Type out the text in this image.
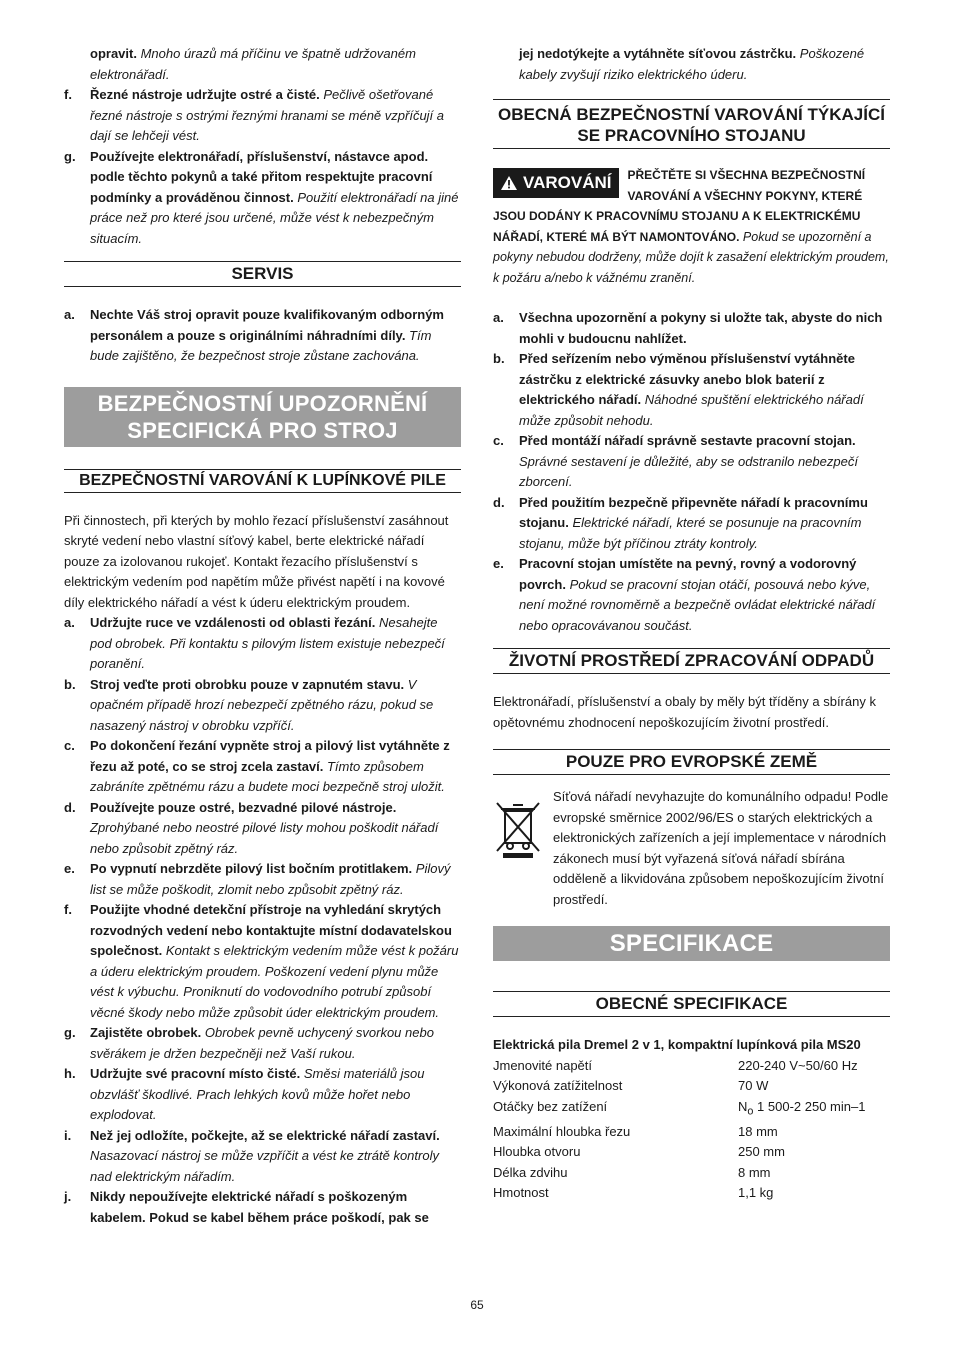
opravit. Mnoho úrazů má příčinu ve špatně udržovaném elektronářadí.
f.	Řezné nástroje udržujte ostré a čisté. Pečlivě ošetřované řezné nástroje s ostrými řeznými hranami se méně vzpříčují a dají se lehčeji vést.
g.	Používejte elektronářadí, příslušenství, nástavce apod. podle těchto pokynů a také přitom respektujte pracovní podmínky a prováděnou činnost. Použití elektronářadí na jiné práce než pro které jsou určené, může vést k nebezpečným situacím.
SERVIS
a.	Nechte Váš stroj opravit pouze kvalifikovaným odborným personálem a pouze s originálními náhradními díly. Tím bude zajištěno, že bezpečnost stroje zůstane zachována.
BEZPEČNOSTNÍ UPOZORNĚNÍ
SPECIFICKÁ PRO STROJ
BEZPEČNOSTNÍ VAROVÁNÍ K LUPÍNKOVÉ PILE
Při činnostech, při kterých by mohlo řezací příslušenství zasáhnout skryté vedení nebo vlastní síťový kabel, berte elektrické nářadí pouze za izolovanou rukojeť. Kontakt řezacího příslušenství s elektrickým vedením pod napětím může přivést napětí i na kovové díly elektrického nářadí a vést k úderu elektrickým proudem.
a.	Udržujte ruce ve vzdálenosti od oblasti řezání. Nesahejte pod obrobek. Při kontaktu s pilovým listem existuje nebezpečí poranění.
b.	Stroj veďte proti obrobku pouze v zapnutém stavu. V opačném případě hrozí nebezpečí zpětného rázu, pokud se nasazený nástroj v obrobku vzpříčí.
c.	Po dokončení řezání vypněte stroj a pilový list vytáhněte z řezu až poté, co se stroj zcela zastaví. Tímto způsobem zabráníte zpětnému rázu a budete moci bezpečně stroj uložit.
d.	Používejte pouze ostré, bezvadné pilové nástroje. Zprohýbané nebo neostré pilové listy mohou poškodit nářadí nebo způsobit zpětný ráz.
e.	Po vypnutí nebrzděte pilový list bočním protitlakem. Pilový list se může poškodit, zlomit nebo způsobit zpětný ráz.
f.	Použijte vhodné detekční přístroje na vyhledání skrytých rozvodných vedení nebo kontaktujte místní dodavatelskou společnost. Kontakt s elektrickým vedením může vést k požáru a úderu elektrickým proudem. Poškození vedení plynu může vést k výbuchu. Proniknutí do vodovodního potrubí způsobí věcné škody nebo může způsobit úder elektrickým proudem.
g.	Zajistěte obrobek. Obrobek pevně uchycený svorkou nebo svěrákem je držen bezpečněji než Vaší rukou.
h.	Udržujte své pracovní místo čisté. Směsi materiálů jsou obzvlášť škodlivé. Prach lehkých kovů může hořet nebo explodovat.
i.	Než jej odložíte, počkejte, až se elektrické nářadí zastaví. Nasazovací nástroj se může vzpříčit a vést ke ztrátě kontroly nad elektrickým nářadím.
j.	Nikdy nepoužívejte elektrické nářadí s poškozeným kabelem. Pokud se kabel během práce poškodí, pak se
jej nedotýkejte a vytáhněte síťovou zástrčku. Poškozené kabely zvyšují riziko elektrického úderu.
OBECNÁ BEZPEČNOSTNÍ VAROVÁNÍ TÝKAJÍCÍ
SE PRACOVNÍHO STOJANU
VAROVÁNÍ PŘEČTĚTE SI VŠECHNA BEZPEČNOSTNÍ VAROVÁNÍ A VŠECHNY POKYNY, KTERÉ JSOU DODÁNY K PRACOVNÍMU STOJANU A K ELEKTRICKÉMU NÁŘADÍ, KTERÉ MÁ BÝT NAMONTOVÁNO. Pokud se upozornění a pokyny nebudou dodrženy, může dojít k zasažení elektrickým proudem, k požáru a/nebo k vážnému zranění.
a.	Všechna upozornění a pokyny si uložte tak, abyste do nich mohli v budoucnu nahlížet.
b.	Před seřízením nebo výměnou příslušenství vytáhněte zástrčku z elektrické zásuvky anebo blok baterií z elektrického nářadí. Náhodné spuštění elektrického nářadí může způsobit nehodu.
c.	Před montáží nářadí správně sestavte pracovní stojan. Správné sestavení je důležité, aby se odstranilo nebezpečí zborcení.
d.	Před použitím bezpečně připevněte nářadí k pracovnímu stojanu. Elektrické nářadí, které se posunuje na pracovním stojanu, může být příčinou ztráty kontroly.
e.	Pracovní stojan umístěte na pevný, rovný a vodorovný povrch. Pokud se pracovní stojan otáčí, posouvá nebo kýve, není možné rovnoměrně a bezpečně ovládat elektrické nářadí nebo opracovávanou součást.
ŽIVOTNÍ PROSTŘEDÍ ZPRACOVÁNÍ ODPADŮ
Elektronářadí, příslušenství a obaly by měly být tříděny a sbírány k opětovnému zhodnocení nepoškozujícím životní prostředí.
POUZE PRO EVROPSKÉ ZEMĚ
Síťová nářadí nevyhazujte do komunálního odpadu! Podle evropské směrnice 2002/96/ES o starých elektrických a elektronických zařízeních a její implementace v národních zákonech musí být vyřazená síťová nářadí sbírána odděleně a likvidována způsobem nepoškozujícím životní prostředí.
SPECIFIKACE
OBECNÉ SPECIFIKACE
Elektrická pila Dremel 2 v 1, kompaktní lupínková pila MS20
Jmenovité napětí	220-240 V~50/60 Hz
Výkonová zatížitelnost	70 W
Otáčky bez zatížení	$N_o$ 1 500-2 250 min–1
Maximální hloubka řezu	18 mm
Hloubka otvoru	250 mm
Délka zdvihu	8 mm
Hmotnost	1,1 kg
65
